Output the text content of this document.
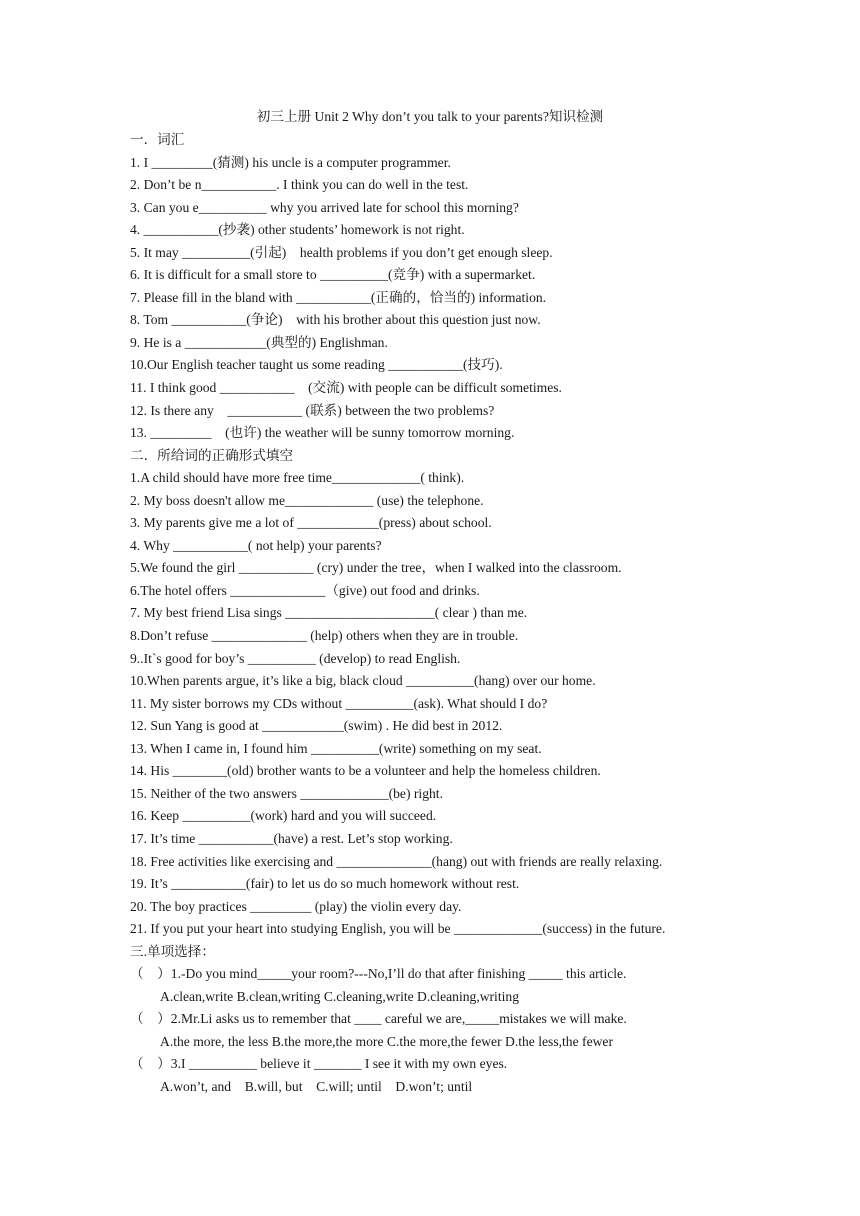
初三上册 Unit 2 Why don’t you talk to your parents?知识检测
一．词汇
1. I _________(猜测) his uncle is a computer programmer.
2. Don’t be n___________. I think you can do well in the test.
3. Can you e__________ why you arrived late for school this morning?
4. ___________(抄袭) other students’ homework is not right.
5. It may __________(引起)    health problems if you don’t get enough sleep.
6. It is difficult for a small store to __________(竞争) with a supermarket.
7. Please fill in the bland with ___________(正确的，恰当的) information.
8. Tom ___________(争论)    with his brother about this question just now.
9. He is a ____________(典型的) Englishman.
10.Our English teacher taught us some reading ___________(技巧).
11. I think good ___________    (交流) with people can be difficult sometimes.
12. Is there any    ___________ (联系) between the two problems?
13. _________    (也许) the weather will be sunny tomorrow morning.
二．所给词的正确形式填空
1.A child should have more free time_____________( think).
2. My boss doesn't allow me_____________ (use) the telephone.
3. My parents give me a lot of ____________(press) about school.
4. Why ___________( not help) your parents?
5.We found the girl ___________ (cry) under the tree，when I walked into the classroom.
6.The hotel offers ______________（give) out food and drinks.
7. My best friend Lisa sings ______________________( clear ) than me.
8.Don’t refuse ______________ (help) others when they are in trouble.
9..It`s good for boy’s __________ (develop) to read English.
10.When parents argue, it’s like a big, black cloud __________(hang) over our home.
11. My sister borrows my CDs without __________(ask). What should I do?
12. Sun Yang is good at ____________(swim) . He did best in 2012.
13. When I came in, I found him __________(write) something on my seat.
14. His ________(old) brother wants to be a volunteer and help the homeless children.
15. Neither of the two answers _____________(be) right.
16. Keep __________(work) hard and you will succeed.
17. It’s time ___________(have) a rest. Let’s stop working.
18. Free activities like exercising and ______________(hang) out with friends are really relaxing.
19. It’s ___________(fair) to let us do so much homework without rest.
20. The boy practices _________ (play) the violin every day.
21. If you put your heart into studying English, you will be _____________(success) in the future.
三.单项选择：
（    ）1.-Do you mind_____your room?---No,I’ll do that after finishing _____ this article.
A.clean,write B.clean,writing C.cleaning,write D.cleaning,writing
（    ）2.Mr.Li asks us to remember that ____ careful we are,_____mistakes we will make.
A.the more, the less B.the more,the more C.the more,the fewer D.the less,the fewer
（    ）3.I __________ believe it _______ I see it with my own eyes.
A.won’t, and    B.will, but    C.will; until    D.won’t; until
